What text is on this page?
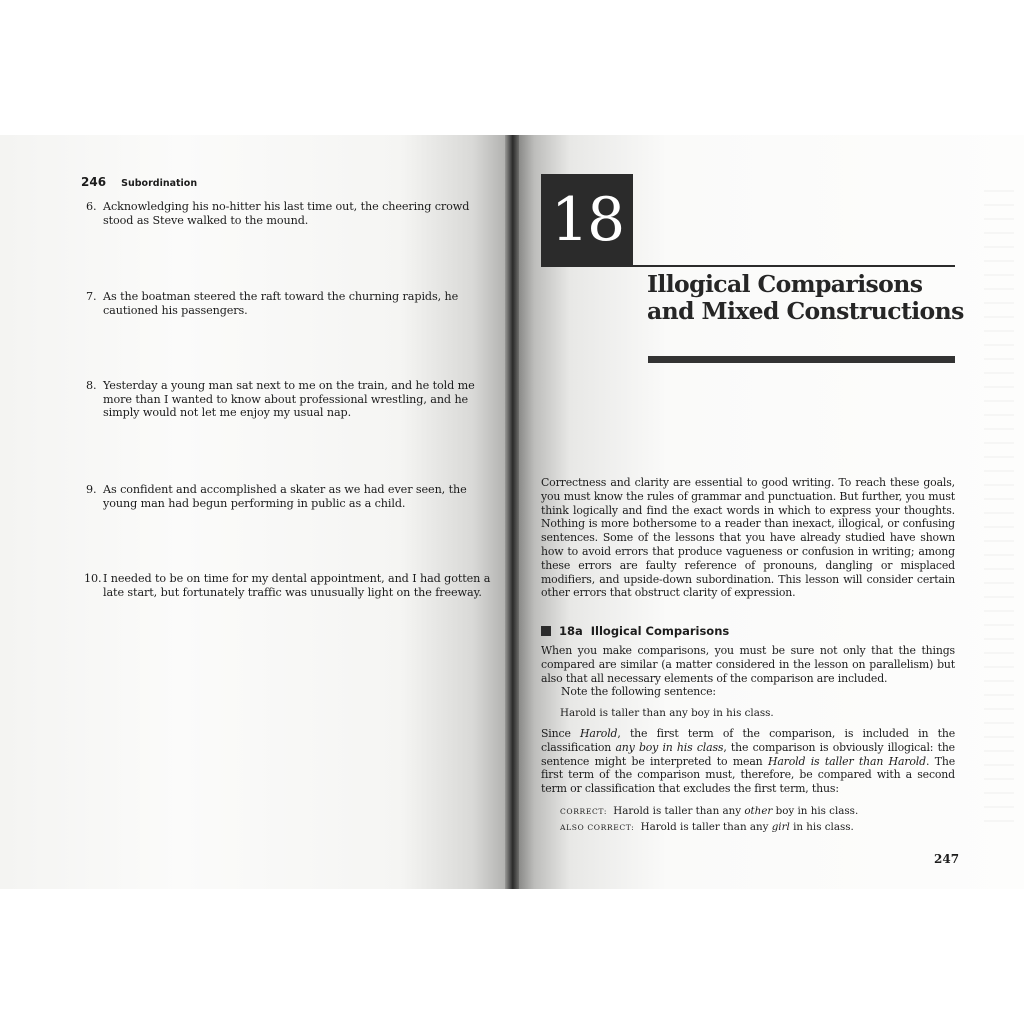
246 Subordination
6. Acknowledging his no-hitter his last time out, the cheering crowd stood as Steve walked to the mound.
7. As the boatman steered the raft toward the churning rapids, he cautioned his passengers.
8. Yesterday a young man sat next to me on the train, and he told me more than I wanted to know about professional wrestling, and he simply would not let me enjoy my usual nap.
9. As confident and accomplished a skater as we had ever seen, the young man had begun performing in public as a child.
10. I needed to be on time for my dental appointment, and I had gotten a late start, but fortunately traffic was unusually light on the freeway.
18
Illogical Comparisons
and Mixed Constructions

Correctness and clarity are essential to good writing. To reach these goals, you must know the rules of grammar and punctuation. But further, you must think logically and find the exact words in which to express your thoughts. Nothing is more bothersome to a reader than inexact, illogical, or confusing sentences. Some of the lessons that you have already studied have shown how to avoid errors that produce vagueness or confusion in writing; among these errors are faulty reference of pronouns, dangling or misplaced modifiers, and upside-down subordination. This lesson will consider certain other errors that obstruct clarity of expression.

18a Illogical Comparisons

When you make comparisons, you must be sure not only that the things compared are similar (a matter considered in the lesson on parallelism) but also that all necessary elements of the comparison are included.
Note the following sentence:

Harold is taller than any boy in his class.

Since Harold, the first term of the comparison, is included in the classification any boy in his class, the comparison is obviously illogical: the sentence might be interpreted to mean Harold is taller than Harold. The first term of the comparison must, therefore, be compared with a second term or classification that excludes the first term, thus:

CORRECT: Harold is taller than any other boy in his class.
ALSO CORRECT: Harold is taller than any girl in his class.
247
